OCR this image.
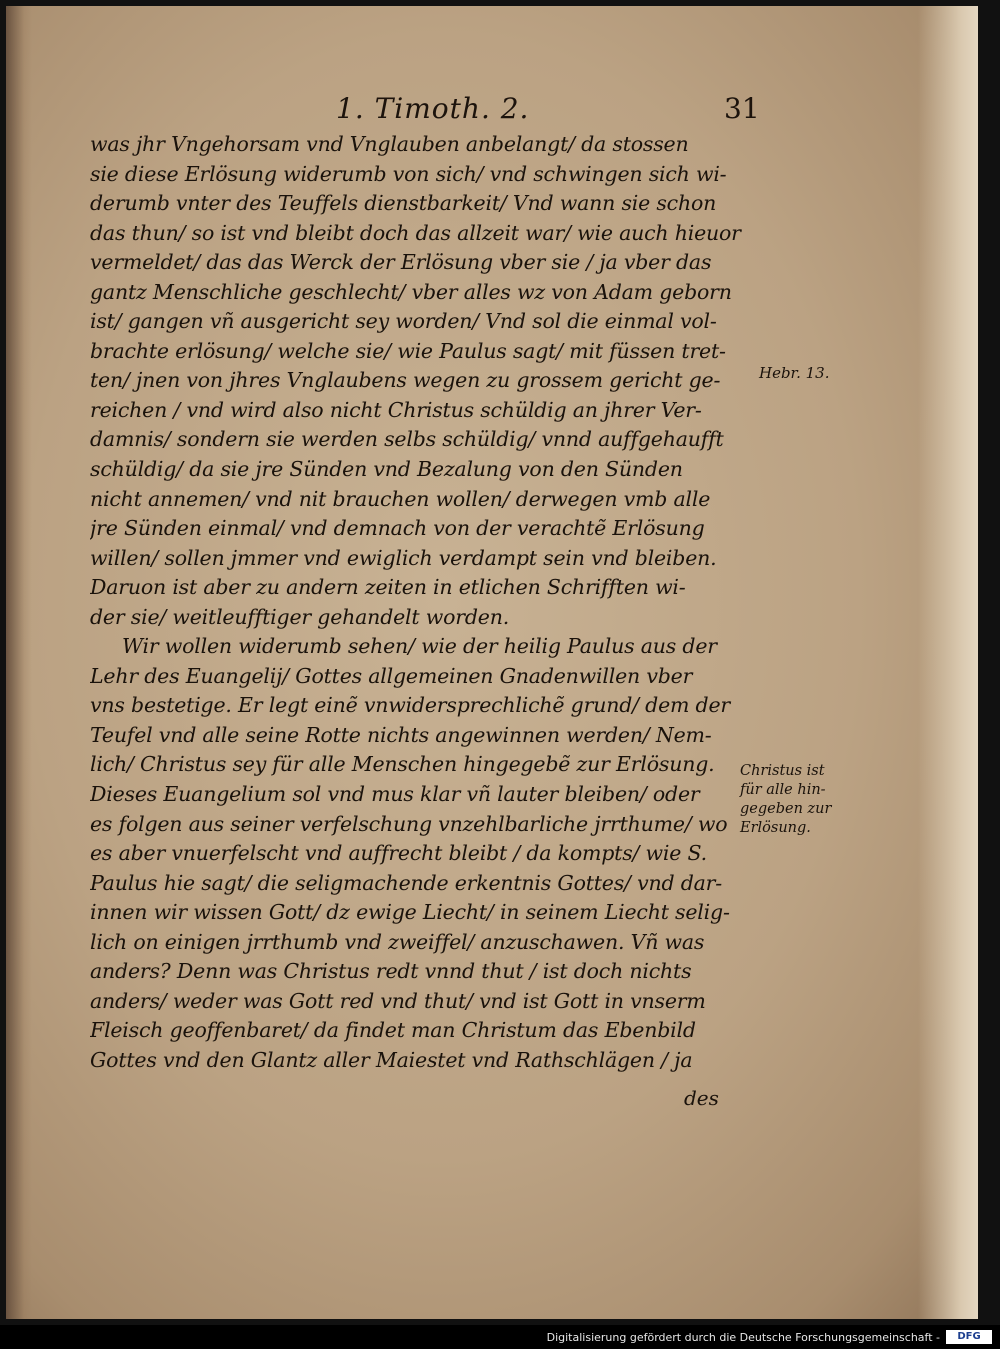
1. Timoth. 2.	31
was jhr Vngehorsam vnd Vnglauben anbelangt/ da stossen
sie diese Erlösung widerumb von sich/ vnd schwingen sich wi-
derumb vnter des Teuffels dienstbarkeit/ Vnd wann sie schon
das thun/ so ist vnd bleibt doch das allzeit war/ wie auch hieuor
vermeldet/ das das Werck der Erlösung vber sie / ja vber das
gantz Menschliche geschlecht/ vber alles wz von Adam geborn
ist/ gangen vñ ausgericht sey worden/ Vnd sol die einmal vol-
brachte erlösung/ welche sie/ wie Paulus sagt/ mit füssen tret-
ten/ jnen von jhres Vnglaubens wegen zu grossem gericht ge-
reichen / vnd wird also nicht Christus schüldig an jhrer Ver-
damnis/ sondern sie werden selbs schüldig/ vnnd auffgehaufft
schüldig/ da sie jre Sünden vnd Bezalung von den Sünden
nicht annemen/ vnd nit brauchen wollen/ derwegen vmb alle
jre Sünden einmal/ vnd demnach von der verachtẽ Erlösung
willen/ sollen jmmer vnd ewiglich verdampt sein vnd bleiben.
Daruon ist aber zu andern zeiten in etlichen Schrifften wi-
der sie/ weitleufftiger gehandelt worden.
Wir wollen widerumb sehen/ wie der heilig Paulus aus der
Lehr des Euangelij/ Gottes allgemeinen Gnadenwillen vber
vns bestetige. Er legt einẽ vnwidersprechlichẽ grund/ dem der
Teufel vnd alle seine Rotte nichts angewinnen werden/ Nem-
lich/ Christus sey für alle Menschen hingegebẽ zur Erlösung.
Dieses Euangelium sol vnd mus klar vñ lauter bleiben/ oder
es folgen aus seiner verfelschung vnzehlbarliche jrrthume/ wo
es aber vnuerfelscht vnd auffrecht bleibt / da kompts/ wie S.
Paulus hie sagt/ die seligmachende erkentnis Gottes/ vnd dar-
innen wir wissen Gott/ dz ewige Liecht/ in seinem Liecht selig-
lich on einigen jrrthumb vnd zweiffel/ anzuschawen. Vñ was
anders? Denn was Christus redt vnnd thut / ist doch nichts
anders/ weder was Gott red vnd thut/ vnd ist Gott in vnserm
Fleisch geoffenbaret/ da findet man Christum das Ebenbild
Gottes vnd den Glantz aller Maiestet vnd Rathschlägen / ja
Hebr. 13.
Christus ist
für alle hin-
gegeben zur
Erlösung.
des
Digitalisierung gefördert durch die Deutsche Forschungsgemeinschaft -	DFG
